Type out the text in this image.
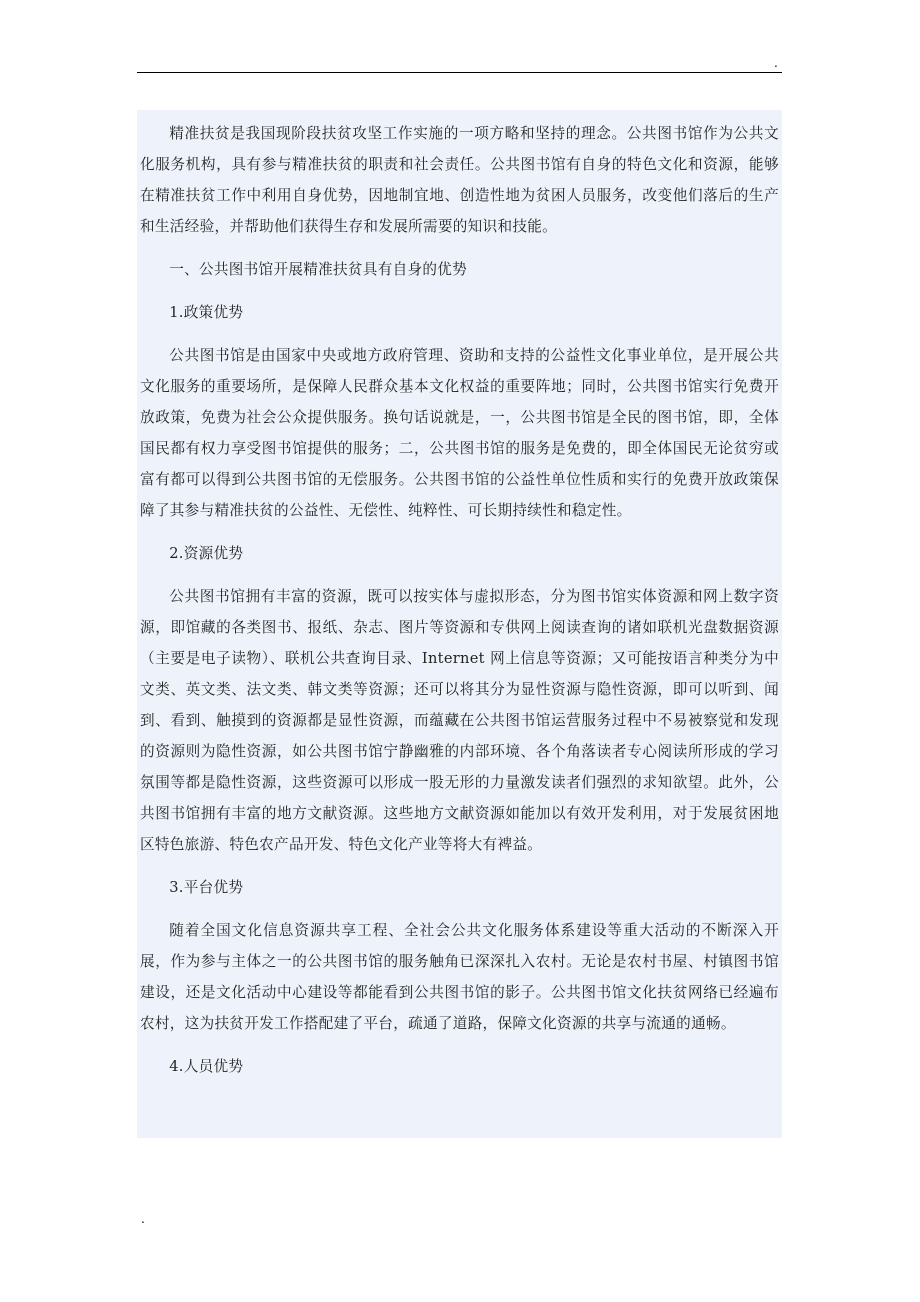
.

精准扶贫是我国现阶段扶贫攻坚工作实施的一项方略和坚持的理念。公共图书馆作为公共文化服务机构，具有参与精准扶贫的职责和社会责任。公共图书馆有自身的特色文化和资源，能够在精准扶贫工作中利用自身优势，因地制宜地、创造性地为贫困人员服务，改变他们落后的生产和生活经验，并帮助他们获得生存和发展所需要的知识和技能。

一、公共图书馆开展精准扶贫具有自身的优势

1.政策优势

公共图书馆是由国家中央或地方政府管理、资助和支持的公益性文化事业单位，是开展公共文化服务的重要场所，是保障人民群众基本文化权益的重要阵地；同时，公共图书馆实行免费开放政策，免费为社会公众提供服务。换句话说就是，一，公共图书馆是全民的图书馆，即，全体国民都有权力享受图书馆提供的服务；二，公共图书馆的服务是免费的，即全体国民无论贫穷或富有都可以得到公共图书馆的无偿服务。公共图书馆的公益性单位性质和实行的免费开放政策保障了其参与精准扶贫的公益性、无偿性、纯粹性、可长期持续性和稳定性。

2.资源优势

公共图书馆拥有丰富的资源，既可以按实体与虚拟形态，分为图书馆实体资源和网上数字资源，即馆藏的各类图书、报纸、杂志、图片等资源和专供网上阅读查询的诸如联机光盘数据资源（主要是电子读物）、联机公共查询目录、Internet 网上信息等资源；又可能按语言种类分为中文类、英文类、法文类、韩文类等资源；还可以将其分为显性资源与隐性资源，即可以听到、闻到、看到、触摸到的资源都是显性资源，而蕴藏在公共图书馆运营服务过程中不易被察觉和发现的资源则为隐性资源，如公共图书馆宁静幽雅的内部环境、各个角落读者专心阅读所形成的学习氛围等都是隐性资源，这些资源可以形成一股无形的力量激发读者们强烈的求知欲望。此外，公共图书馆拥有丰富的地方文献资源。这些地方文献资源如能加以有效开发利用，对于发展贫困地区特色旅游、特色农产品开发、特色文化产业等将大有裨益。

3.平台优势

随着全国文化信息资源共享工程、全社会公共文化服务体系建设等重大活动的不断深入开展，作为参与主体之一的公共图书馆的服务触角已深深扎入农村。无论是农村书屋、村镇图书馆建设，还是文化活动中心建设等都能看到公共图书馆的影子。公共图书馆文化扶贫网络已经遍布农村，这为扶贫开发工作搭配建了平台，疏通了道路，保障文化资源的共享与流通的通畅。

4.人员优势

.
